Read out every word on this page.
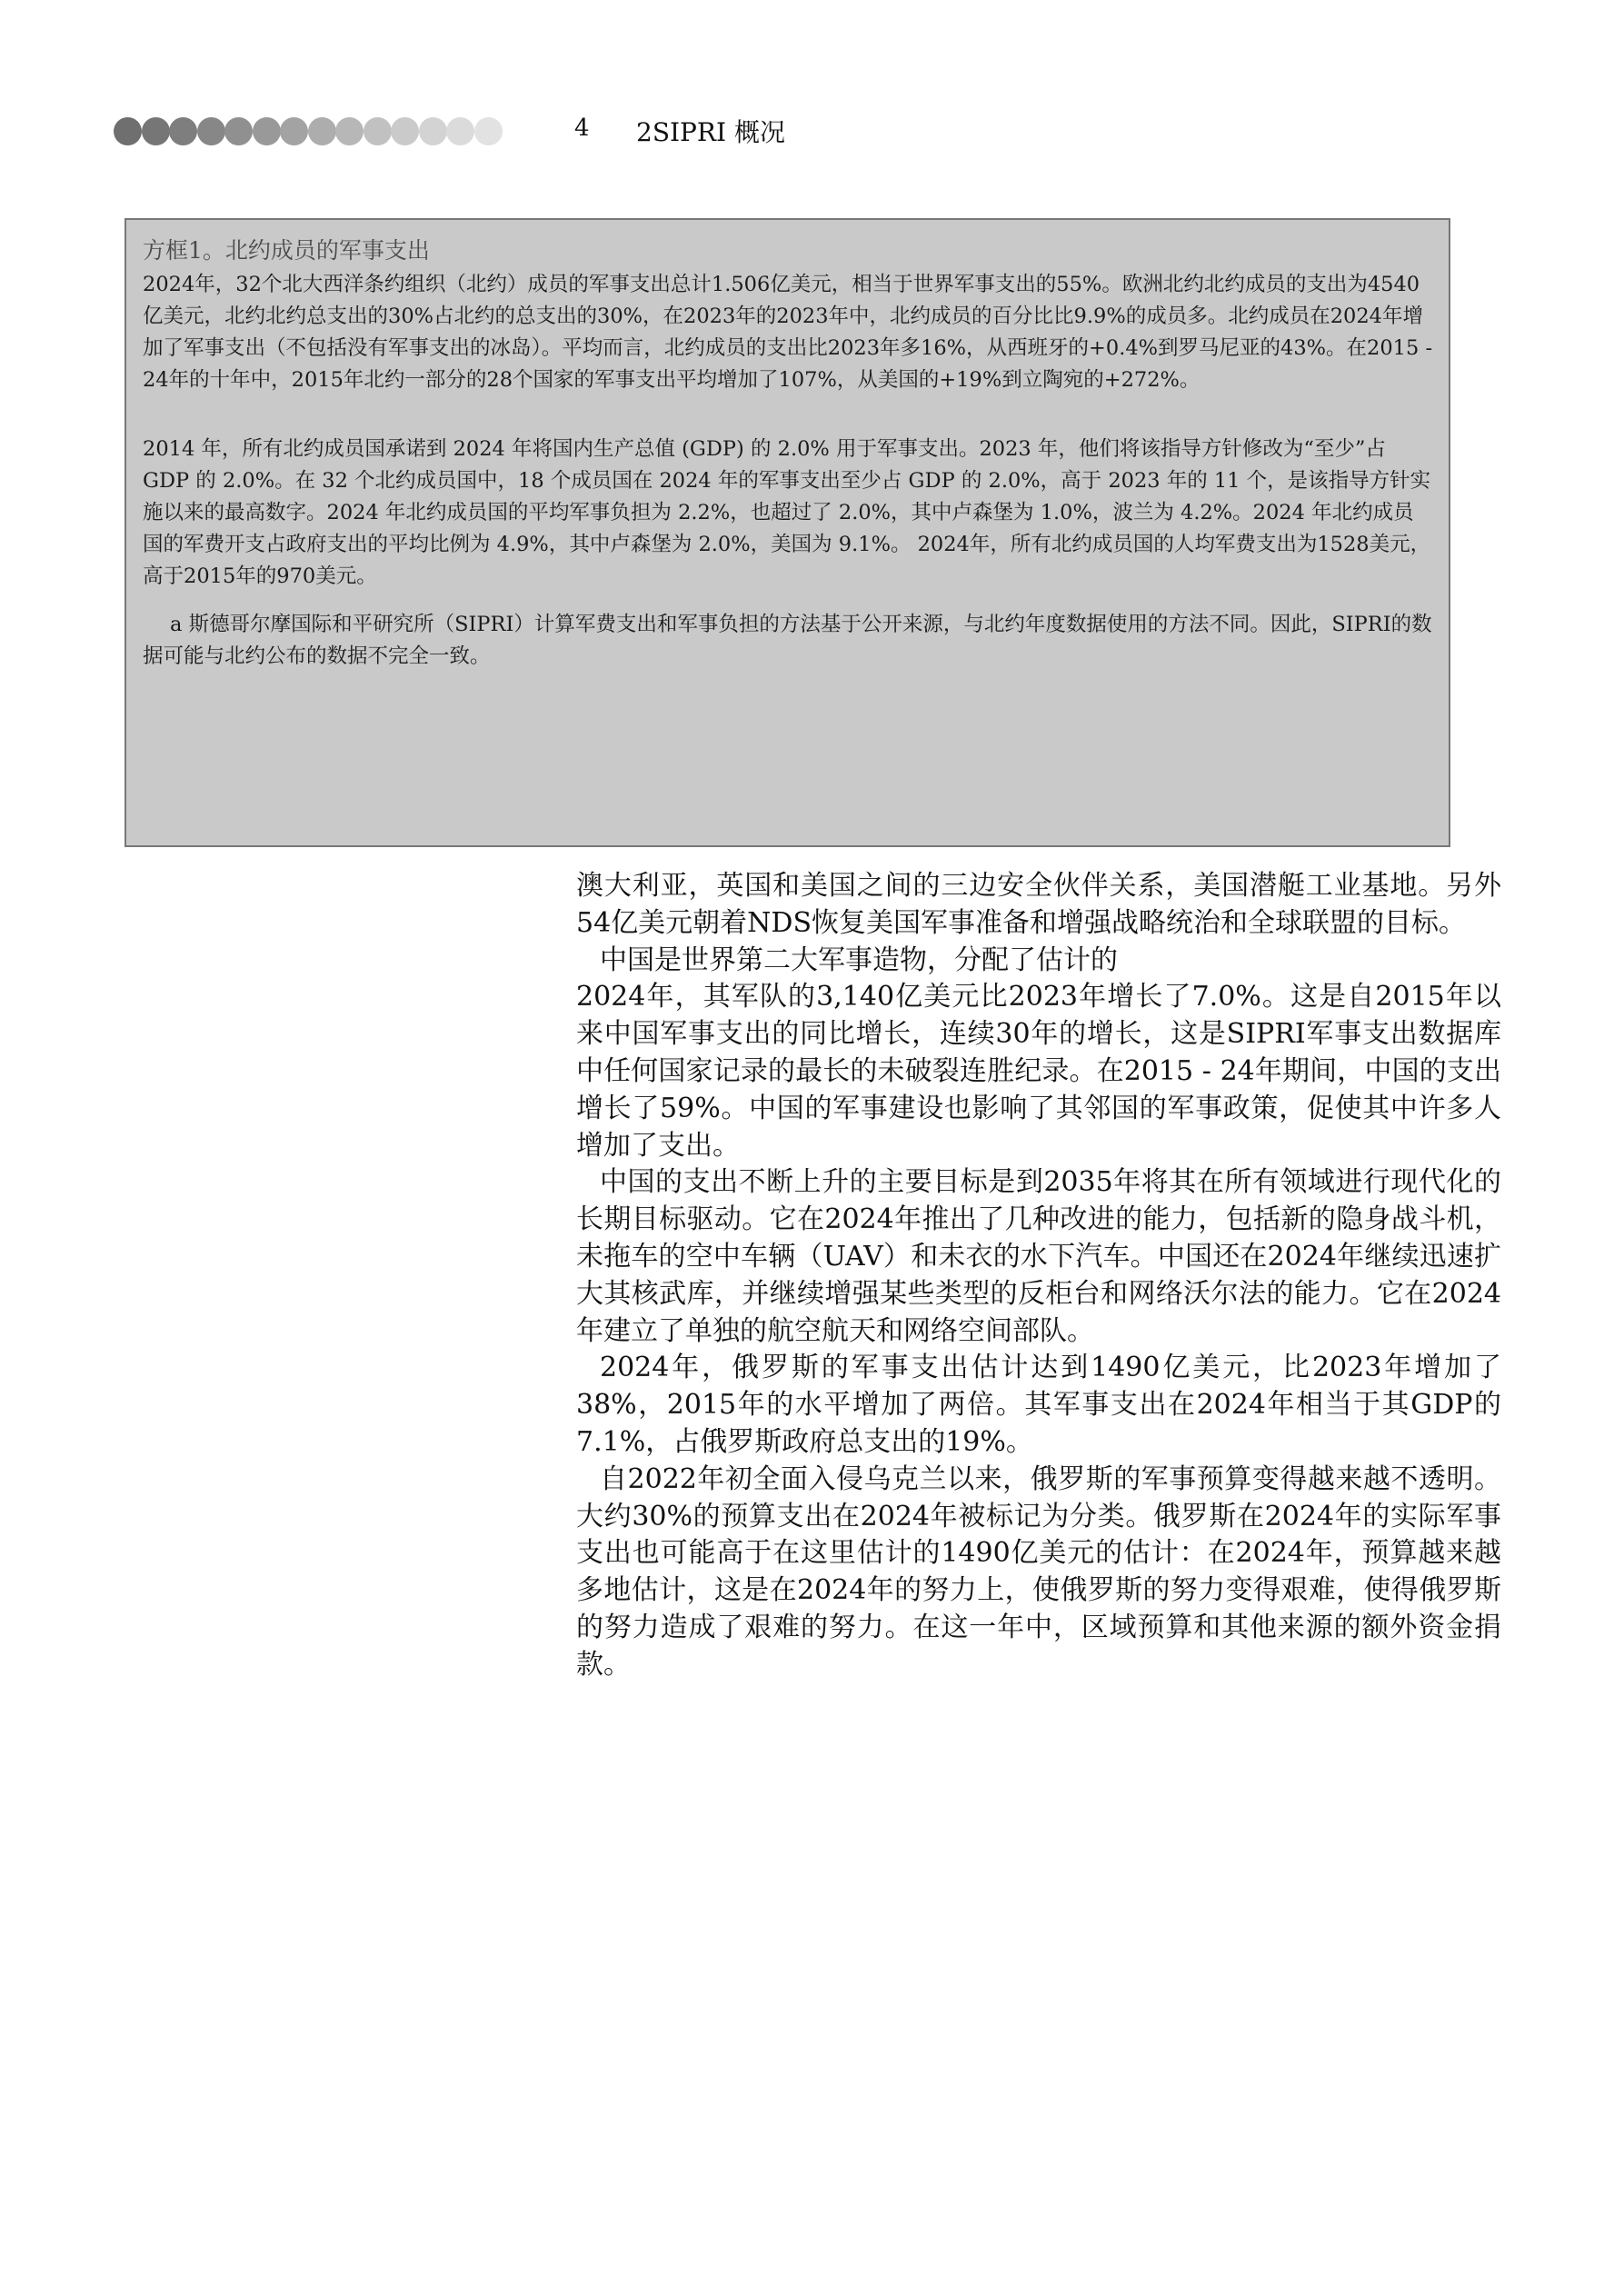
4 2SIPRI 概况
方框1。北约成员的军事支出

2024年，32个北大西洋条约组织（北约）成员的军事支出总计1.506亿美元，相当于世界军事支出的55%。欧洲北约北约成员的支出为4540亿美元，北约北约总支出的30%占北约的总支出的30%，在2023年的2023年中，北约成员的百分比比9.9%的成员多。北约成员在2024年增加了军事支出（不包括没有军事支出的冰岛）。平均而言，北约成员的支出比2023年多16%，从西班牙的+0.4%到罗马尼亚的43%。在2015 - 24年的十年中，2015年北约一部分的28个国家的军事支出平均增加了107%，从美国的+19%到立陶宛的+272%。

2014 年，所有北约成员国承诺到 2024 年将国内生产总值 (GDP) 的 2.0% 用于军事支出。2023 年，他们将该指导方针修改为“至少”占 GDP 的 2.0%。在 32 个北约成员国中，18 个成员国在 2024 年的军事支出至少占 GDP 的 2.0%，高于 2023 年的 11 个，是该指导方针实施以来的最高数字。2024 年北约成员国的平均军事负担为 2.2%，也超过了 2.0%，其中卢森堡为 1.0%，波兰为 4.2%。2024 年北约成员国的军费开支占政府支出的平均比例为 4.9%，其中卢森堡为 2.0%，美国为 9.1%。 2024年，所有北约成员国的人均军费支出为1528美元，高于2015年的970美元。

a 斯德哥尔摩国际和平研究所（SIPRI）计算军费支出和军事负担的方法基于公开来源，与北约年度数据使用的方法不同。因此，SIPRI的数据可能与北约公布的数据不完全一致。

澳大利亚，英国和美国之间的三边安全伙伴关系，美国潜艇工业基地。另外54亿美元朝着NDS恢复美国军事准备和增强战略统治和全球联盟的目标。

中国是世界第二大军事造物，分配了估计的

2024年，其军队的3,140亿美元比2023年增长了7.0%。这是自2015年以来中国军事支出的同比增长，连续30年的增长，这是SIPRI军事支出数据库中任何国家记录的最长的未破裂连胜纪录。在2015 - 24年期间，中国的支出增长了59%。中国的军事建设也影响了其邻国的军事政策，促使其中许多人增加了支出。

中国的支出不断上升的主要目标是到2035年将其在所有领域进行现代化的长期目标驱动。它在2024年推出了几种改进的能力，包括新的隐身战斗机，未拖车的空中车辆（UAV）和未衣的水下汽车。中国还在2024年继续迅速扩大其核武库，并继续增强某些类型的反柜台和网络沃尔法的能力。它在2024年建立了单独的航空航天和网络空间部队。

2024年，俄罗斯的军事支出估计达到1490亿美元，比2023年增加了38%，2015年的水平增加了两倍。其军事支出在2024年相当于其GDP的7.1%，占俄罗斯政府总支出的19%。

自2022年初全面入侵乌克兰以来，俄罗斯的军事预算变得越来越不透明。大约30%的预算支出在2024年被标记为分类。俄罗斯在2024年的实际军事支出也可能高于在这里估计的1490亿美元的估计：在2024年，预算越来越多地估计，这是在2024年的努力上，使俄罗斯的努力变得艰难，使得俄罗斯的努力造成了艰难的努力。在这一年中，区域预算和其他来源的额外资金捐款。
